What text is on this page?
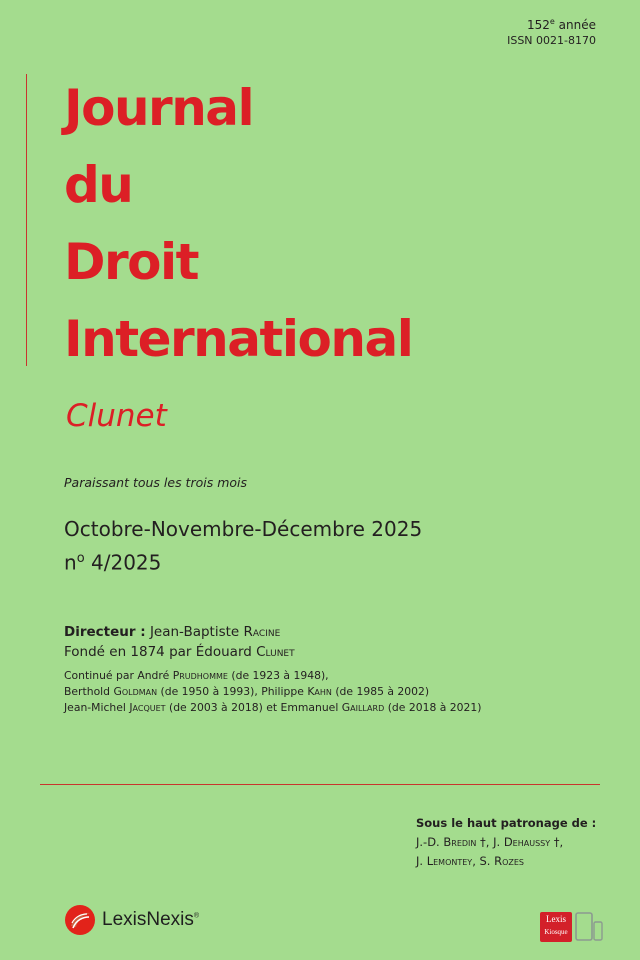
152e année
ISSN 0021-8170
Journal
du
Droit
International
Clunet
Paraissant tous les trois mois
Octobre-Novembre-Décembre 2025
$n^o$ 4/2025
Directeur : Jean-Baptiste Racine
Fondé en 1874 par Édouard Clunet
Continué par André Prudhomme (de 1923 à 1948),
Berthold Goldman (de 1950 à 1993), Philippe Kahn (de 1985 à 2002)
Jean-Michel Jacquet (de 2003 à 2018) et Emmanuel Gaillard (de 2018 à 2021)
Sous le haut patronage de :
J.-D. Bredin †, J. Dehaussy †,
J. Lemontey, S. Rozes
LexisNexis®	Lexis
Kiosque
